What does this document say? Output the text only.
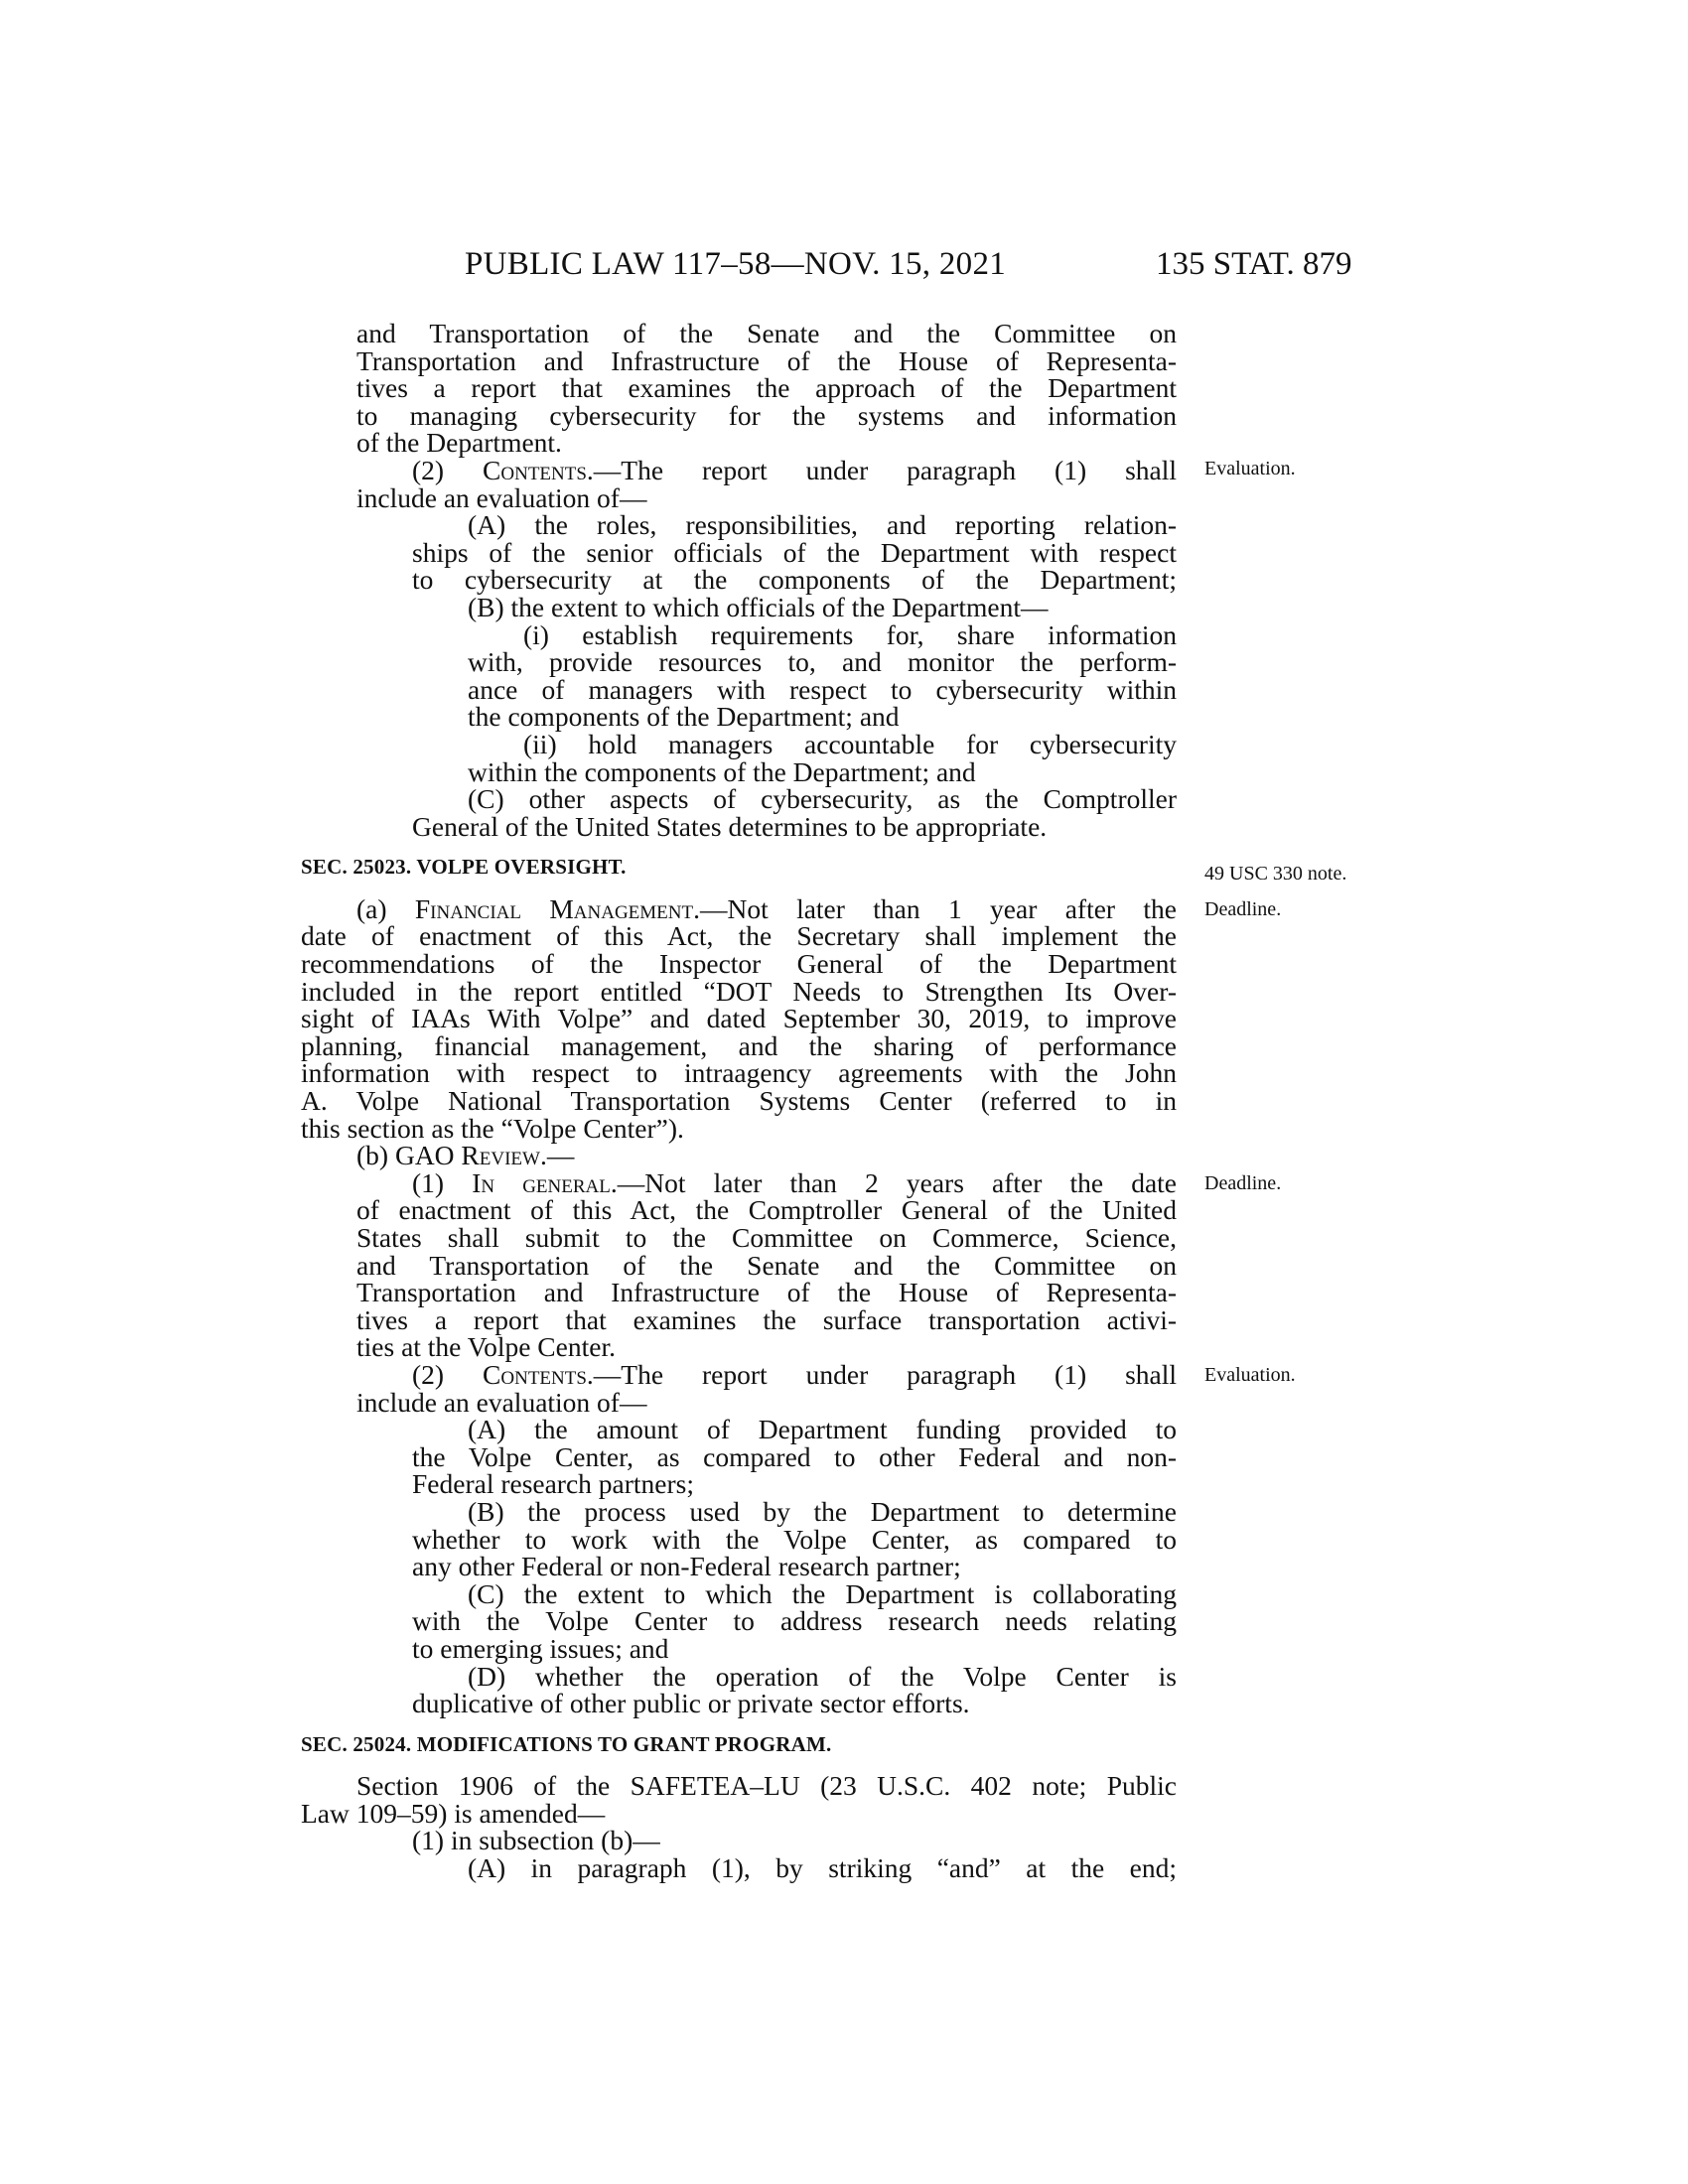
PUBLIC LAW 117–58—NOV. 15, 2021	135 STAT. 879
Evaluation.
49 USC 330 note.
Deadline.
Deadline.
Evaluation.
and Transportation of the Senate and the Committee on
Transportation and Infrastructure of the House of Representa-
tives a report that examines the approach of the Department
to managing cybersecurity for the systems and information
of the Department.
(2) Contents.—The report under paragraph (1) shall
include an evaluation of—
(A) the roles, responsibilities, and reporting relation-
ships of the senior officials of the Department with respect
to cybersecurity at the components of the Department;
(B) the extent to which officials of the Department—
(i) establish requirements for, share information
with, provide resources to, and monitor the perform-
ance of managers with respect to cybersecurity within
the components of the Department; and
(ii) hold managers accountable for cybersecurity
within the components of the Department; and
(C) other aspects of cybersecurity, as the Comptroller
General of the United States determines to be appropriate.
SEC. 25023. VOLPE OVERSIGHT.
(a) Financial Management.—Not later than 1 year after the
date of enactment of this Act, the Secretary shall implement the
recommendations of the Inspector General of the Department
included in the report entitled “DOT Needs to Strengthen Its Over-
sight of IAAs With Volpe” and dated September 30, 2019, to improve
planning, financial management, and the sharing of performance
information with respect to intraagency agreements with the John
A. Volpe National Transportation Systems Center (referred to in
this section as the “Volpe Center”).
(b) GAO Review.—
(1) In general.—Not later than 2 years after the date
of enactment of this Act, the Comptroller General of the United
States shall submit to the Committee on Commerce, Science,
and Transportation of the Senate and the Committee on
Transportation and Infrastructure of the House of Representa-
tives a report that examines the surface transportation activi-
ties at the Volpe Center.
(2) Contents.—The report under paragraph (1) shall
include an evaluation of—
(A) the amount of Department funding provided to
the Volpe Center, as compared to other Federal and non-
Federal research partners;
(B) the process used by the Department to determine
whether to work with the Volpe Center, as compared to
any other Federal or non-Federal research partner;
(C) the extent to which the Department is collaborating
with the Volpe Center to address research needs relating
to emerging issues; and
(D) whether the operation of the Volpe Center is
duplicative of other public or private sector efforts.
SEC. 25024. MODIFICATIONS TO GRANT PROGRAM.
Section 1906 of the SAFETEA–LU (23 U.S.C. 402 note; Public
Law 109–59) is amended—
(1) in subsection (b)—
(A) in paragraph (1), by striking “and” at the end;
